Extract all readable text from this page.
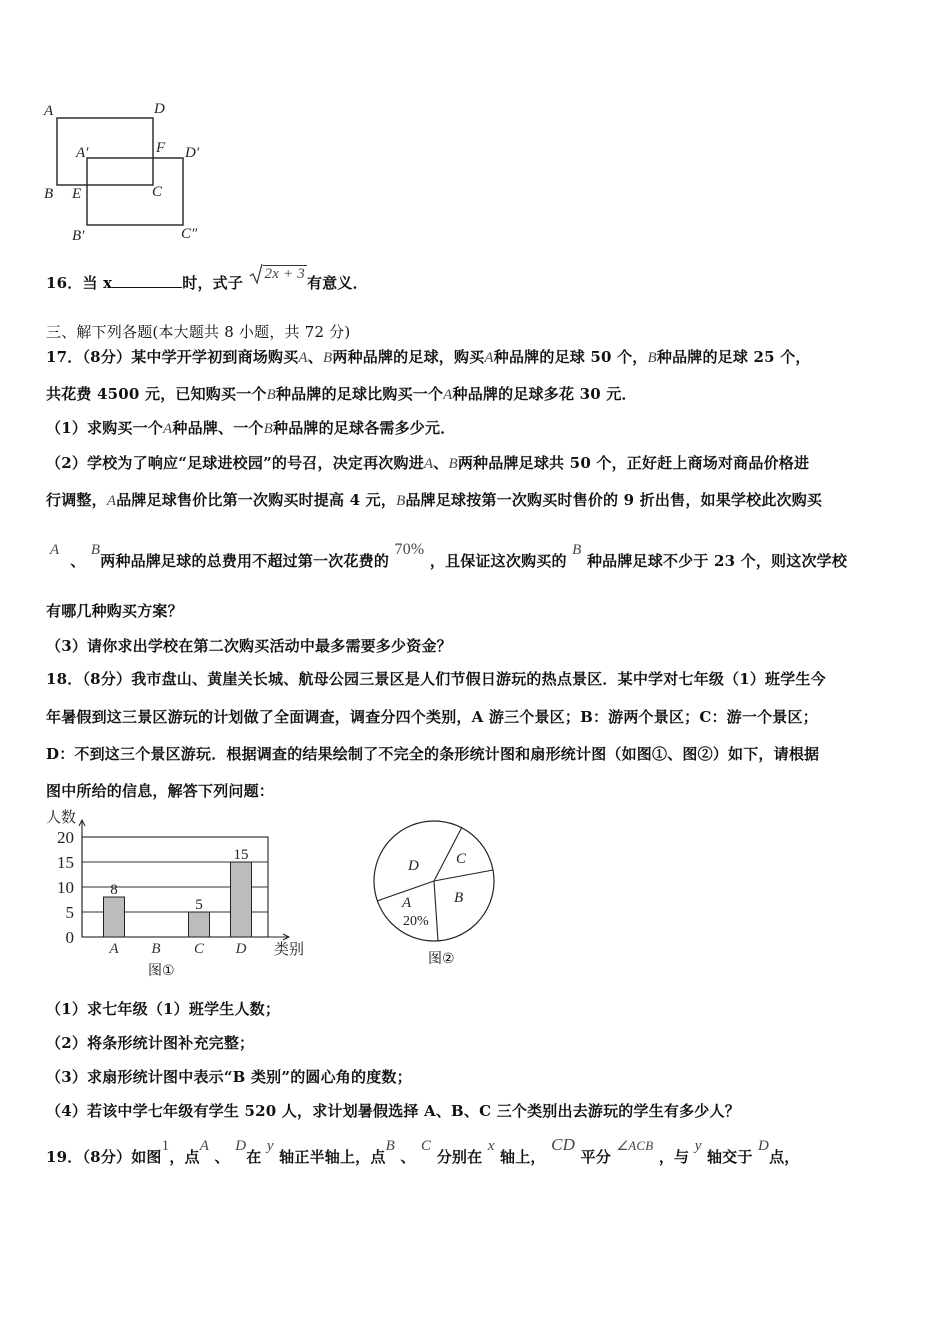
A	D
A′	F D′
B E	C
B′	C″
16．当 x	时，式子 2x + 3 有意义．
三、解下列各题(本大题共 8 小题，共 72 分)
17．（8分）某中学开学初到商场购买A、B两种品牌的足球，购买A种品牌的足球 50 个，B种品牌的足球 25 个，
共花费 4500 元，已知购买一个B种品牌的足球比购买一个A种品牌的足球多花 30 元．
（1）求购买一个A种品牌、一个B种品牌的足球各需多少元．
（2）学校为了响应“足球进校园”的号召，决定再次购进A、B两种品牌足球共 50 个，正好赶上商场对商品价格进
行调整，A品牌足球售价比第一次购买时提高 4 元，B品牌足球按第一次购买时售价的 9 折出售，如果学校此次购买
A  、 B两种品牌足球的总费用不超过第一次花费的 70% ，且保证这次购买的 B 种品牌足球不少于 23 个，则这次学校
有哪几种购买方案？
（3）请你求出学校在第二次购买活动中最多需要多少资金？
18．（8分）我市盘山、黄崖关长城、航母公园三景区是人们节假日游玩的热点景区．某中学对七年级（1）班学生今
年暑假到这三景区游玩的计划做了全面调查，调查分四个类别，A 游三个景区；B：游两个景区；C：游一个景区；
D：不到这三个景区游玩．根据调查的结果绘制了不完全的条形统计图和扇形统计图（如图①、图②）如下，请根据
图中所给的信息，解答下列问题：
0
5
10
15
20
人数
类别
8
A B
5
C
15
D
图①
D C
B
A
20%
图②
（1）求七年级（1）班学生人数；
（2）将条形统计图补充完整；
（3）求扇形统计图中表示“B 类别”的圆心角的度数；
（4）若该中学七年级有学生 520 人，求计划暑假选择 A、B、C 三个类别出去游玩的学生有多少人？
19．（8分）如图1，点A 、 D在 y 轴正半轴上，点B 、 C 分别在 x 轴上， CD 平分 ∠ACB ，与 y 轴交于 D点，
